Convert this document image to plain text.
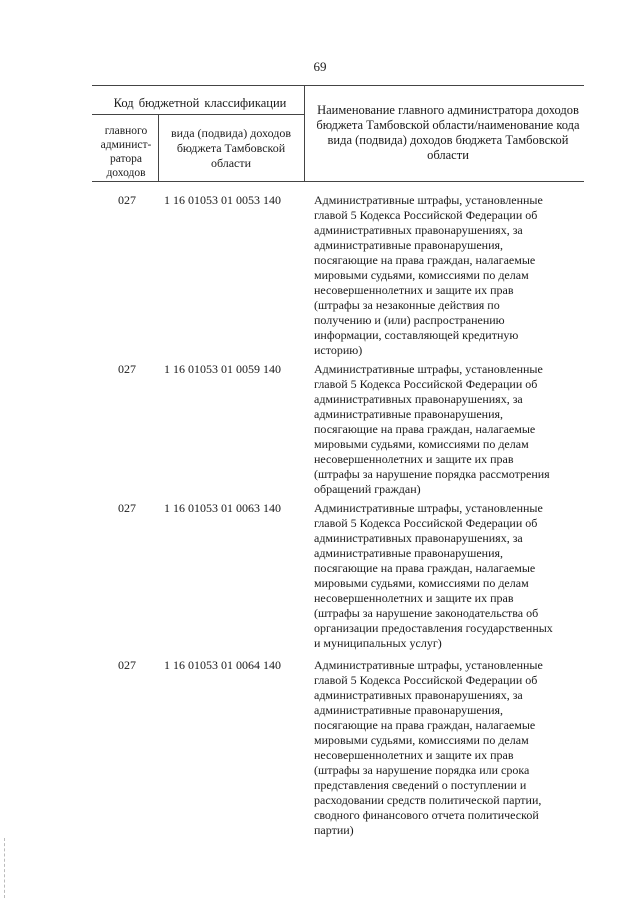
69
Код бюджетной классификации
главного админист-ратора доходов
вида (подвида) доходов бюджета Тамбовской области
Наименование главного администратора доходов бюджета Тамбовской области/наименование кода вида (подвида) доходов бюджета Тамбовской области
027	1 16 01053 01 0053 140	Административные штрафы, установленные
главой 5 Кодекса Российской Федерации об
административных правонарушениях, за
административные правонарушения,
посягающие на права граждан, налагаемые
мировыми судьями, комиссиями по делам
несовершеннолетних и защите их прав
(штрафы за незаконные действия по
получению и (или) распространению
информации, составляющей кредитную
историю)
027	1 16 01053 01 0059 140	Административные штрафы, установленные
главой 5 Кодекса Российской Федерации об
административных правонарушениях, за
административные правонарушения,
посягающие на права граждан, налагаемые
мировыми судьями, комиссиями по делам
несовершеннолетних и защите их прав
(штрафы за нарушение порядка рассмотрения
обращений граждан)
027	1 16 01053 01 0063 140	Административные штрафы, установленные
главой 5 Кодекса Российской Федерации об
административных правонарушениях, за
административные правонарушения,
посягающие на права граждан, налагаемые
мировыми судьями, комиссиями по делам
несовершеннолетних и защите их прав
(штрафы за нарушение законодательства об
организации предоставления государственных
и муниципальных услуг)
027	1 16 01053 01 0064 140	Административные штрафы, установленные
главой 5 Кодекса Российской Федерации об
административных правонарушениях, за
административные правонарушения,
посягающие на права граждан, налагаемые
мировыми судьями, комиссиями по делам
несовершеннолетних и защите их прав
(штрафы за нарушение порядка или срока
представления сведений о поступлении и
расходовании средств политической партии,
сводного финансового отчета политической
партии)
